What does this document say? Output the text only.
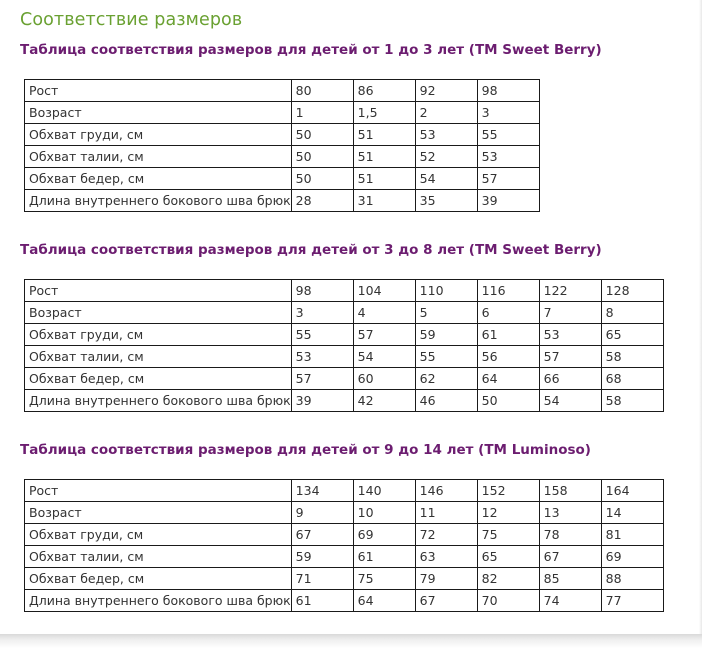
Соответствие размеров
Таблица соответствия размеров для детей от 1 до 3 лет (ТМ Sweet Berry)
Рост	80	86	92	98
Возраст	1	1,5	2	3
Обхват груди, см	50	51	53	55
Обхват талии, см	50	51	52	53
Обхват бедер, см	50	51	54	57
Длина внутреннего бокового шва брюк	28	31	35	39
Таблица соответствия размеров для детей от 3 до 8 лет (ТМ Sweet Berry)
Рост	98	104	110	116	122	128
Возраст	3	4	5	6	7	8
Обхват груди, см	55	57	59	61	53	65
Обхват талии, см	53	54	55	56	57	58
Обхват бедер, см	57	60	62	64	66	68
Длина внутреннего бокового шва брюк	39	42	46	50	54	58
Таблица соответствия размеров для детей от 9 до 14 лет (ТМ Luminoso)
Рост	134	140	146	152	158	164
Возраст	9	10	11	12	13	14
Обхват груди, см	67	69	72	75	78	81
Обхват талии, см	59	61	63	65	67	69
Обхват бедер, см	71	75	79	82	85	88
Длина внутреннего бокового шва брюк	61	64	67	70	74	77
